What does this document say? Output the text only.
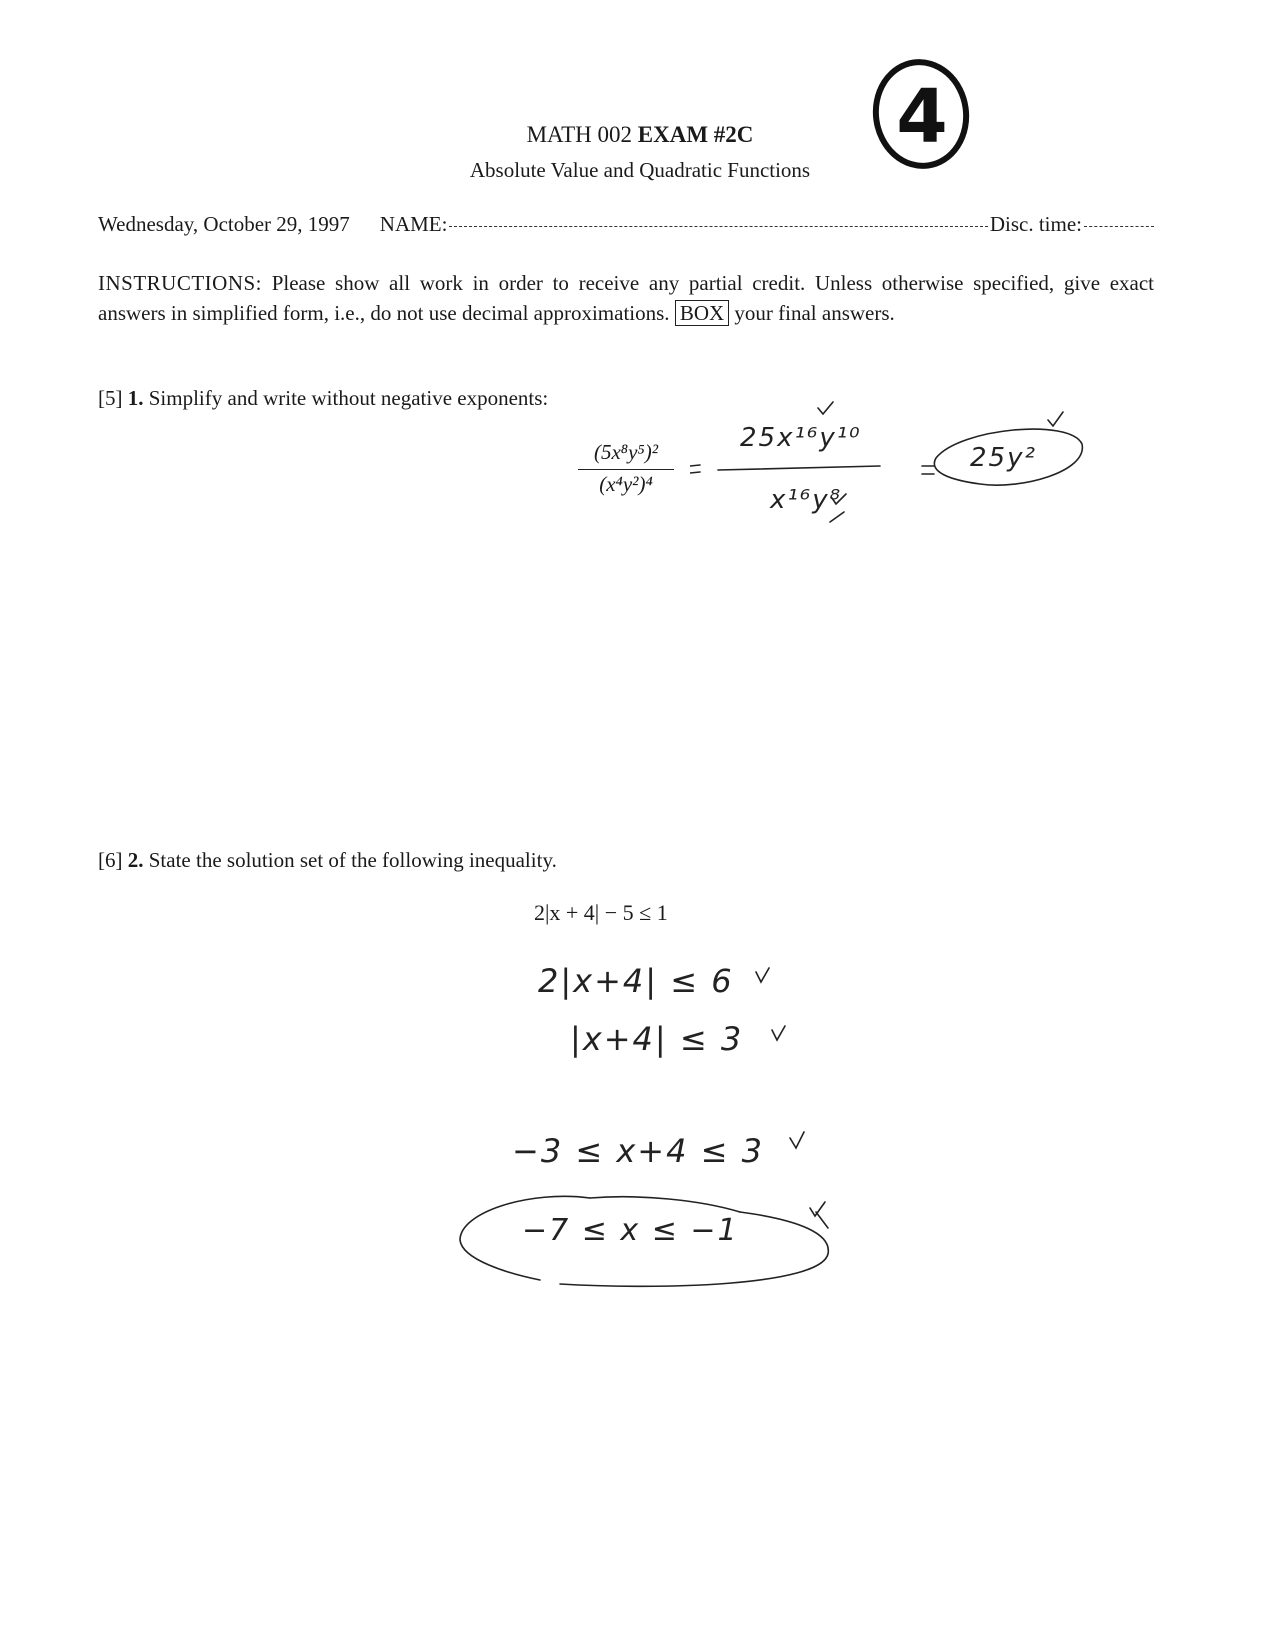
MATH 002 EXAM #2C
Absolute Value and Quadratic Functions
4
Wednesday, October 29, 1997 NAME:	Disc. time:
INSTRUCTIONS: Please show all work in order to receive any partial credit. Unless otherwise specified, give exact answers in simplified form, i.e., do not use decimal approximations. BOX your final answers.
[5] 1. Simplify and write without negative exponents:
$\frac{\text{(5x⁸y⁵)²}}{\text{(x⁴y²)⁴}}$
25x¹⁶y¹⁰
x¹⁶y⁸
25y²
[6] 2. State the solution set of the following inequality.
2|x + 4| − 5 ≤ 1
2|x+4| ≤ 6
|x+4| ≤ 3
−3 ≤ x+4 ≤ 3
−7 ≤ x ≤ −1
